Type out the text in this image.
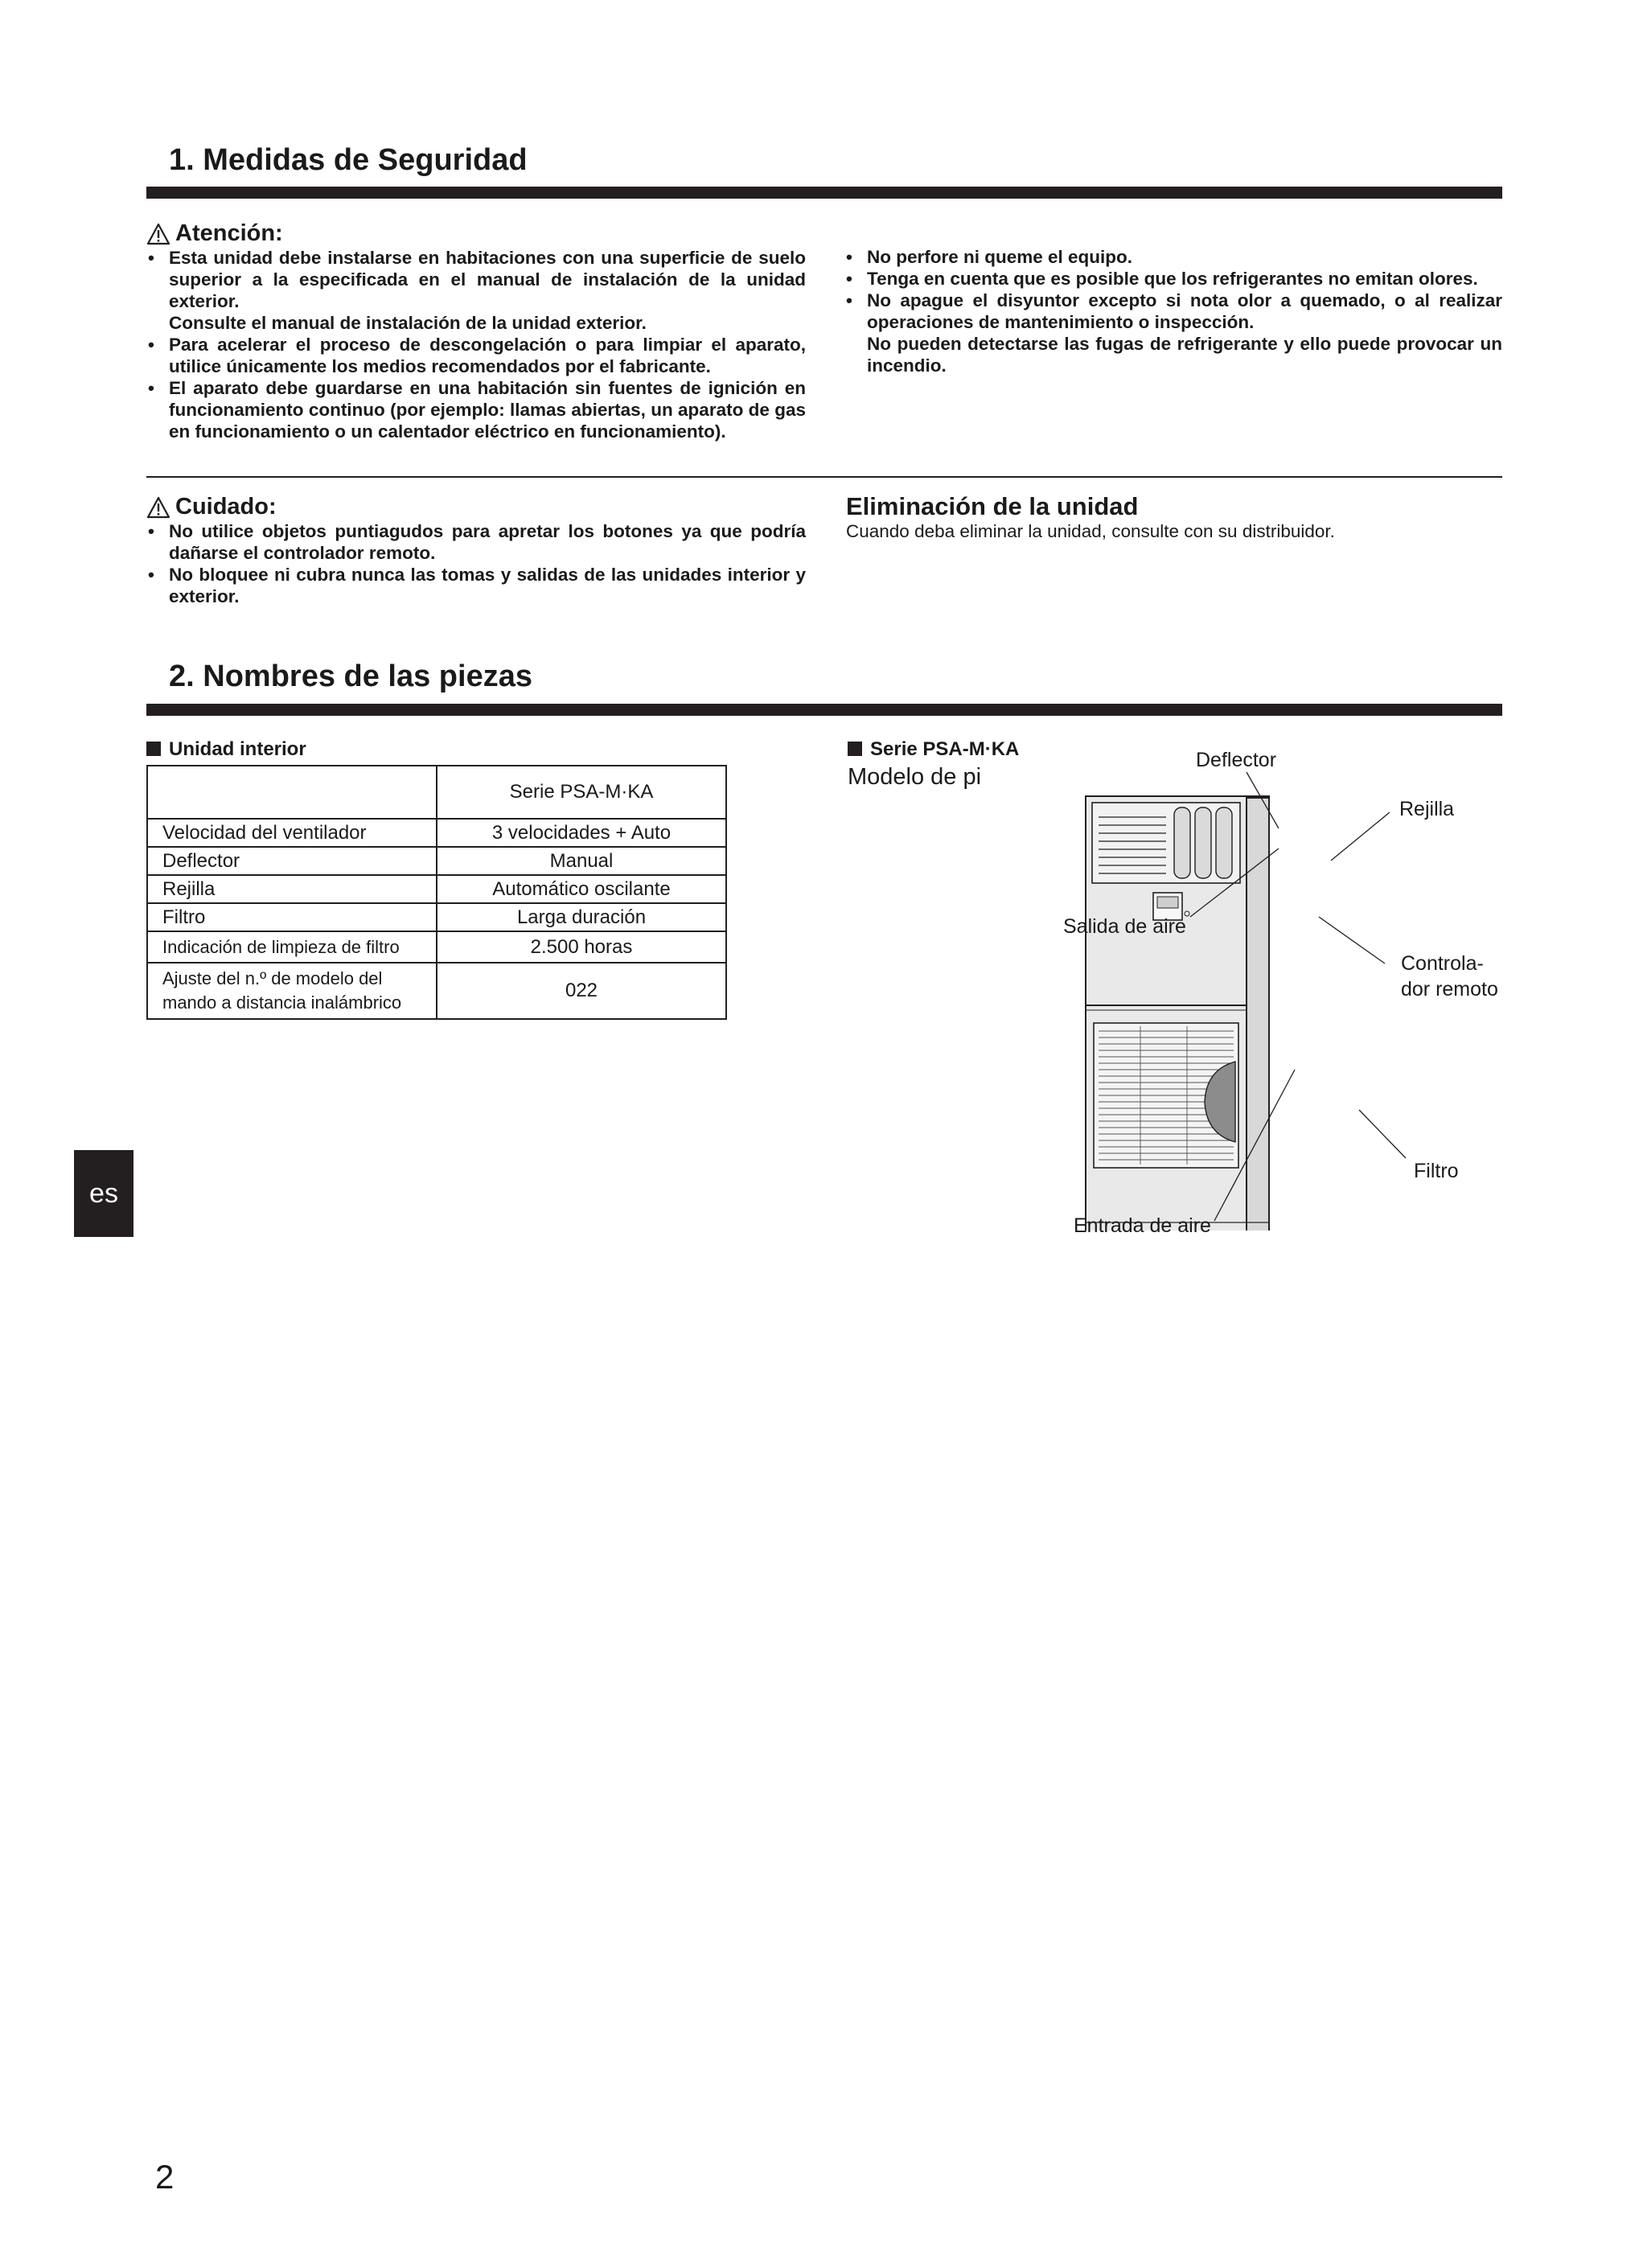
1. Medidas de Seguridad
Atención:
• Esta unidad debe instalarse en habitaciones con una superficie de suelo superior a la especificada en el manual de instalación de la unidad exterior.
Consulte el manual de instalación de la unidad exterior.
• Para acelerar el proceso de descongelación o para limpiar el aparato, utilice únicamente los medios recomendados por el fabricante.
• El aparato debe guardarse en una habitación sin fuentes de ignición en funcionamiento continuo (por ejemplo: llamas abiertas, un aparato de gas en funcionamiento o un calentador eléctrico en funcionamiento).
• No perfore ni queme el equipo.
• Tenga en cuenta que es posible que los refrigerantes no emitan olores.
• No apague el disyuntor excepto si nota olor a quemado, o al realizar operaciones de mantenimiento o inspección.
No pueden detectarse las fugas de refrigerante y ello puede provocar un incendio.
Cuidado:
• No utilice objetos puntiagudos para apretar los botones ya que podría dañarse el controlador remoto.
• No bloquee ni cubra nunca las tomas y salidas de las unidades interior y exterior.
Eliminación de la unidad
Cuando deba eliminar la unidad, consulte con su distribuidor.
2. Nombres de las piezas
Unidad interior
	Serie PSA-M·KA
Velocidad del ventilador	3 velocidades + Auto
Deflector	Manual
Rejilla	Automático oscilante
Filtro	Larga duración
Indicación de limpieza de filtro	2.500 horas

Ajuste del n.º de modelo del
mando a distancia inalámbrico	022
Serie PSA-M·KA
Modelo de pi
Deflector
Rejilla
Salida de aire
Controla-
dor remoto
Filtro
Entrada de aire
es
2
